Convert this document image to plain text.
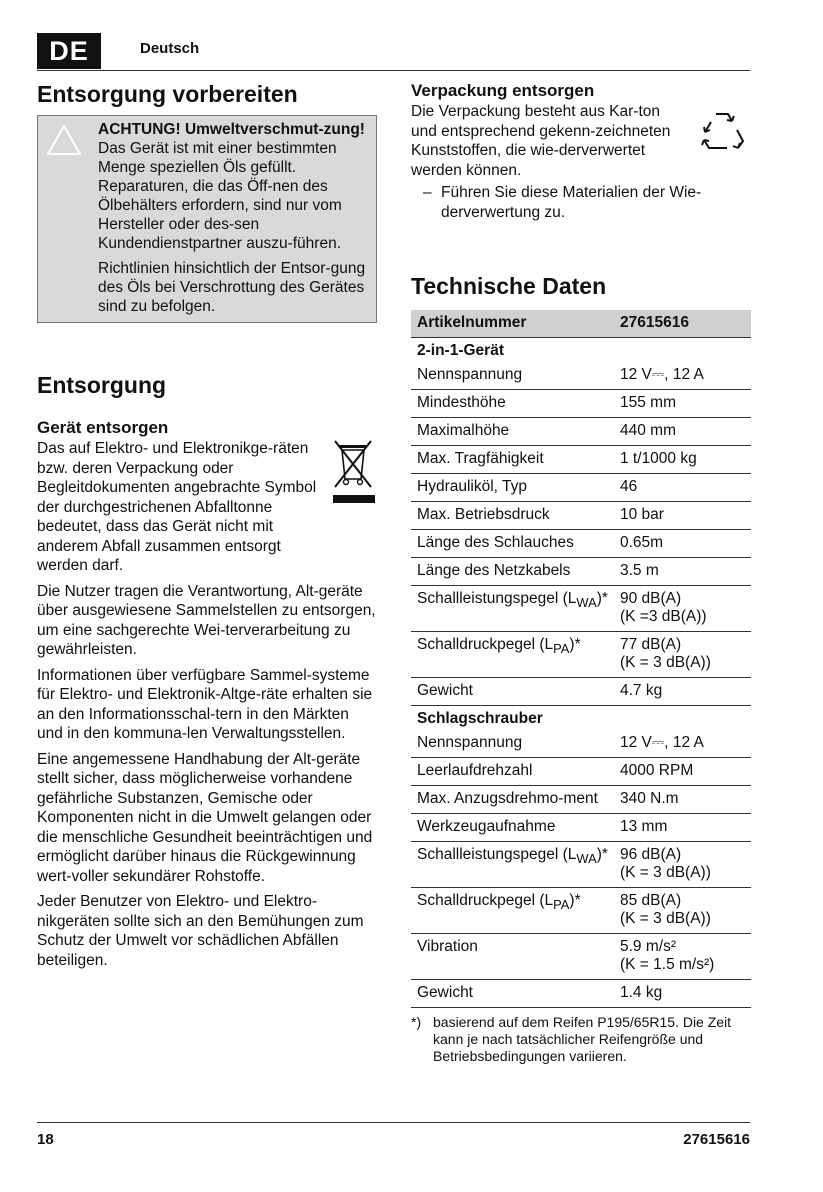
DE	Deutsch
Entsorgung vorbereiten

ACHTUNG! Umweltverschmut-zung! Das Gerät ist mit einer bestimmten Menge speziellen Öls gefüllt. Reparaturen, die das Öff-nen des Ölbehälters erfordern, sind nur vom Hersteller oder des-sen Kundendienstpartner auszu-führen.

Richtlinien hinsichtlich der Entsor-gung des Öls bei Verschrottung des Gerätes sind zu befolgen.

Entsorgung
Gerät entsorgen

Das auf Elektro- und Elektronikge-räten bzw. deren Verpackung oder Begleitdokumenten angebrachte Symbol der durchgestrichenen Abfalltonne bedeutet, dass das Gerät nicht mit anderem Abfall zusammen entsorgt werden darf.

Die Nutzer tragen die Verantwortung, Alt-geräte über ausgewiesene Sammelstellen zu entsorgen, um eine sachgerechte Wei-terverarbeitung zu gewährleisten.

Informationen über verfügbare Sammel-systeme für Elektro- und Elektronik-Altge-räte erhalten sie an den Informationsschal-tern in den Märkten und in den kommuna-len Verwaltungsstellen.

Eine angemessene Handhabung der Alt-geräte stellt sicher, dass möglicherweise vorhandene gefährliche Substanzen, Gemische oder Komponenten nicht in die Umwelt gelangen oder die menschliche Gesundheit beeinträchtigen und ermöglicht darüber hinaus die Rückgewinnung wert-voller sekundärer Rohstoffe.

Jeder Benutzer von Elektro- und Elektro-nikgeräten sollte sich an den Bemühungen zum Schutz der Umwelt vor schädlichen Abfällen beteiligen.

Verpackung entsorgen

Die Verpackung besteht aus Kar-ton und entsprechend gekenn-zeichneten Kunststoffen, die wie-derverwertet werden können.

– Führen Sie diese Materialien der Wie-derverwertung zu.
Technische Daten
Artikelnummer	27615616
2-in-1-Gerät	
Nennspannung	12 V⎓, 12 A
Mindesthöhe	155 mm
Maximalhöhe	440 mm
Max. Tragfähigkeit	1 t/1000 kg
Hydrauliköl, Typ	46
Max. Betriebsdruck	10 bar
Länge des Schlauches	0.65m
Länge des Netzkabels	3.5 m
Schallleistungspegel $(L_{WA})*$	90 dB(A)
(K =3 dB(A))

Schalldruckpegel $(L_{PA})*$	77 dB(A)
(K = 3 dB(A))

Gewicht	4.7 kg
Schlagschrauber	
Nennspannung	12 V⎓, 12 A
Leerlaufdrehzahl	4000 RPM
Max. Anzugsdrehmo-ment	340 N.m
Werkzeugaufnahme	13 mm
Schallleistungspegel $(L_{WA})*$	96 dB(A)
(K = 3 dB(A))

Schalldruckpegel $(L_{PA})*$	85 dB(A)
(K = 3 dB(A))

Vibration	5.9 m/s²
(K = 1.5 m/s²)

Gewicht	1.4 kg
*) basierend auf dem Reifen P195/65R15. Die Zeit kann je nach tatsächlicher Reifengröße und Betriebsbedingungen variieren.
18	27615616
